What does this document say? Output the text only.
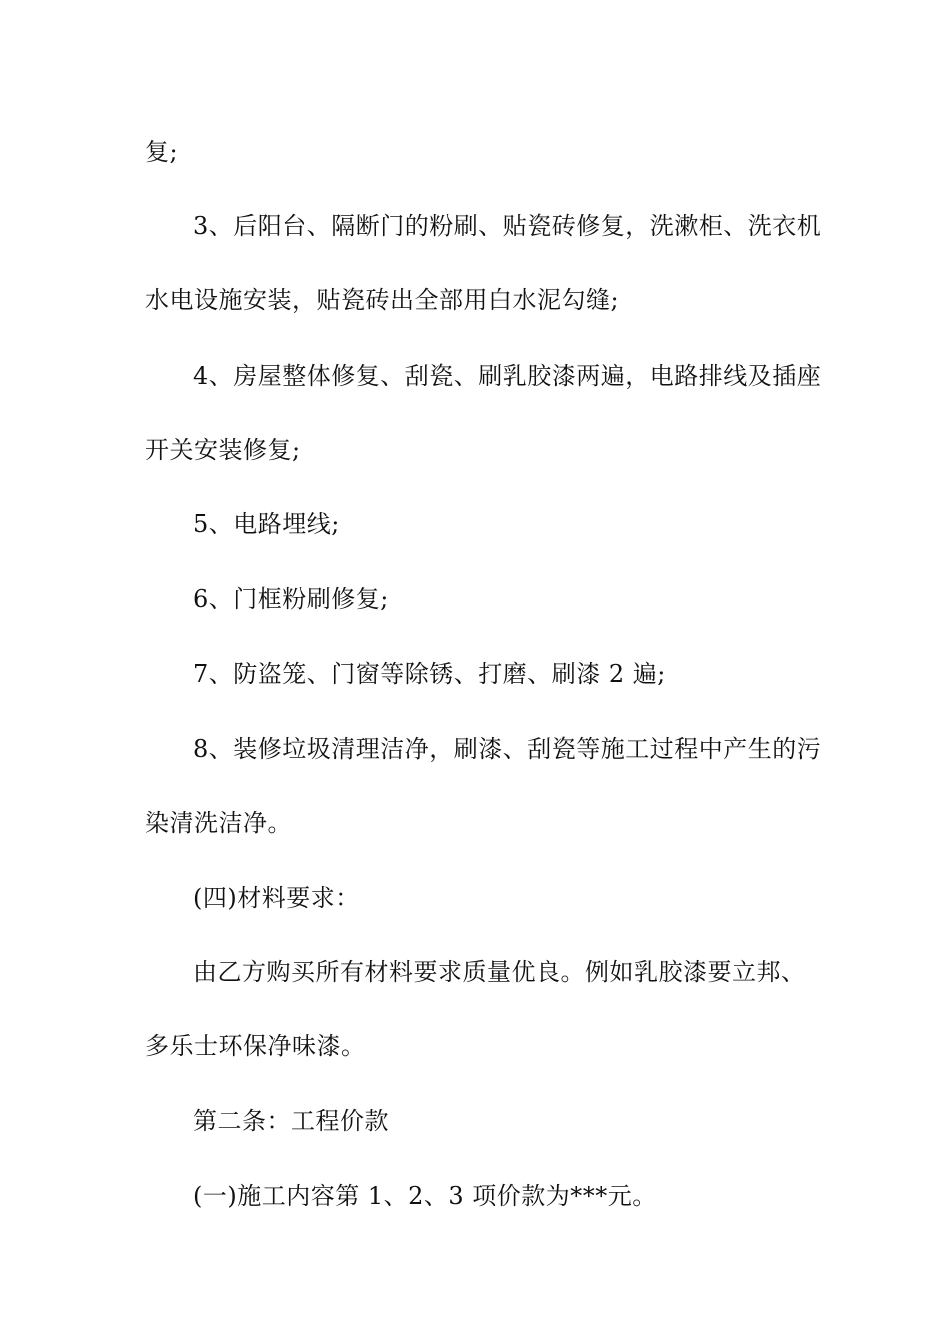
复;
3、后阳台、隔断门的粉刷、贴瓷砖修复，洗漱柜、洗衣机
水电设施安装，贴瓷砖出全部用白水泥勾缝;
4、房屋整体修复、刮瓷、刷乳胶漆两遍，电路排线及插座
开关安装修复;
5、电路埋线;
6、门框粉刷修复;
7、防盗笼、门窗等除锈、打磨、刷漆 2 遍;
8、装修垃圾清理洁净，刷漆、刮瓷等施工过程中产生的污
染清洗洁净。
(四)材料要求：
由乙方购买所有材料要求质量优良。例如乳胶漆要立邦、
多乐士环保净味漆。
第二条：工程价款
(一)施工内容第 1、2、3 项价款为***元。
